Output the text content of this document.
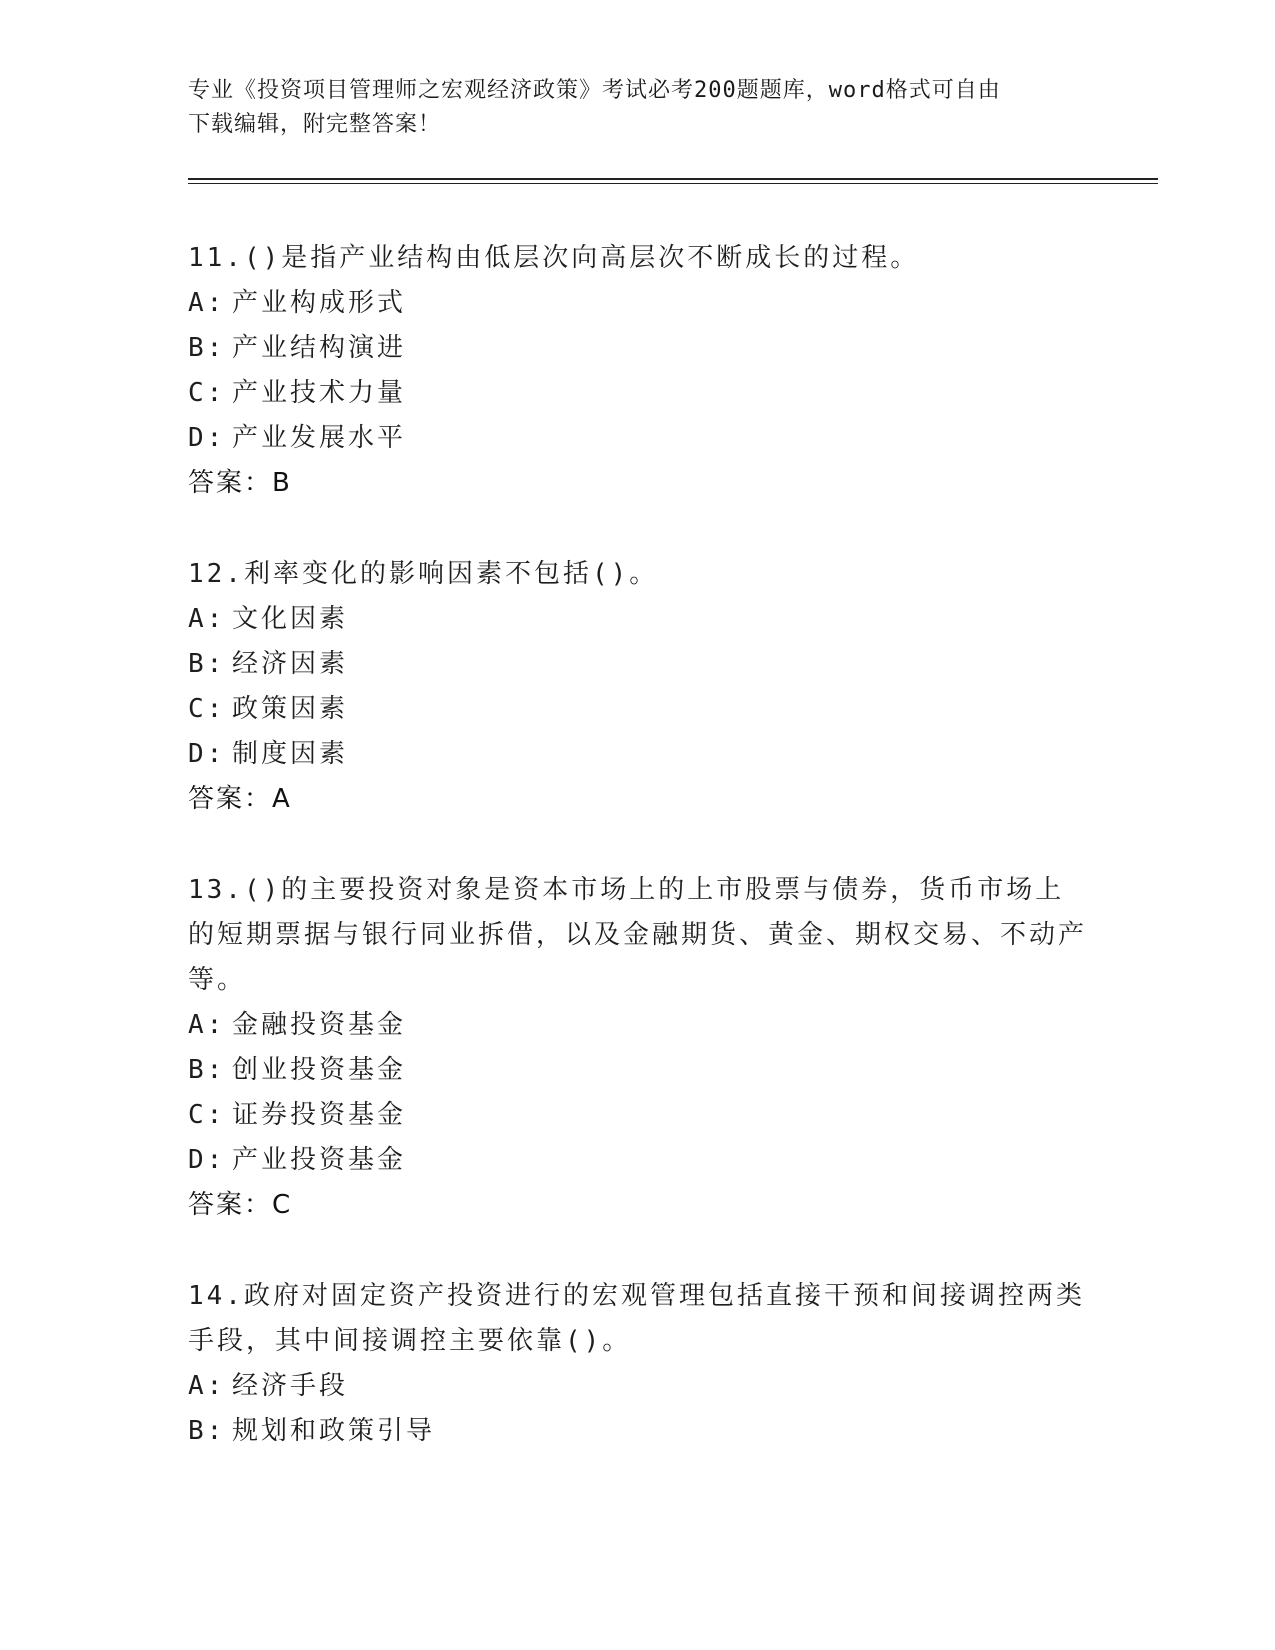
专业《投资项目管理师之宏观经济政策》考试必考200题题库，word格式可自由
下载编辑，附完整答案！
11.()是指产业结构由低层次向高层次不断成长的过程。
A: 产业构成形式
B: 产业结构演进
C: 产业技术力量
D: 产业发展水平
答案：B
12.利率变化的影响因素不包括()。
A: 文化因素
B: 经济因素
C: 政策因素
D: 制度因素
答案：A
13.()的主要投资对象是资本市场上的上市股票与债券，货币市场上的短期票据与银行同业拆借，以及金融期货、黄金、期权交易、不动产等。
A: 金融投资基金
B: 创业投资基金
C: 证券投资基金
D: 产业投资基金
答案：C
14.政府对固定资产投资进行的宏观管理包括直接干预和间接调控两类手段，其中间接调控主要依靠()。
A: 经济手段
B: 规划和政策引导
